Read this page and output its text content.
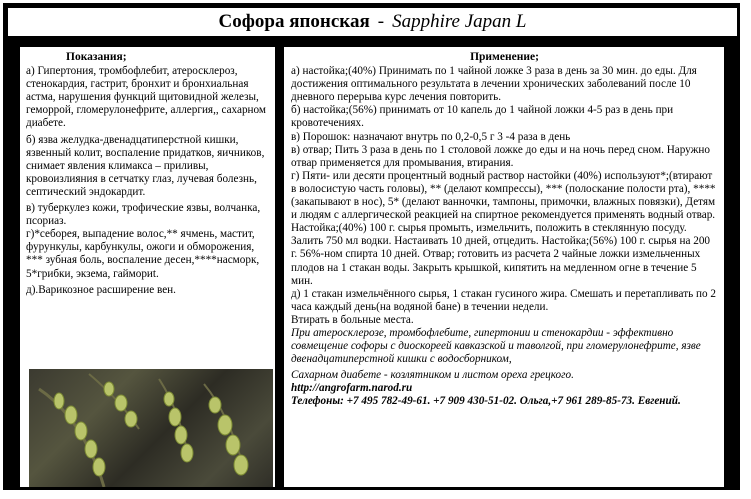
Софора японская - Sapphire Japan L
Показания;

а) Гипертония, тромбофлебит, атеросклероз, стенокардия, гастрит, бронхит и бронхиальная астма, нарушения функций щитовидной железы, геморрой, гломерулонефрите, аллергия,, сахарном диабете.

б) язва желудка-двенадцатиперстной кишки, язвенный колит, воспаление придатков, яичников, снимает явления климакса – приливы, кровоизлияния в сетчатку глаз, лучевая болезнь, септический эндокардит.

в) туберкулез кожи, трофические язвы, волчанка, псориаз.

г)*себорея, выпадение волос,** ячмень, мастит, фурункулы, карбункулы, ожоги и обморожения, *** зубная боль, воспаление десен,****насморк, 5*грибки, экзема, гаймориt.

д).Варикозное расширение вен.

Применение;

а) настойка;(40%) Принимать по 1 чайной ложке 3 раза в день за 30 мин. до еды. Для достижения оптимального результата в лечении хронических заболеваний после 10 дневного перерыва курс лечения повторить.

б) настойка;(56%) принимать от 10 капель до 1 чайной ложки 4-5 раз в день при кровотечениях.

в) Порошок: назначают внутрь по 0,2-0,5 г 3 -4 раза в день

в) отвар; Пить 3 раза в день по 1 столовой ложке до еды и на ночь перед сном. Наружно отвар применяется для промывания, втирания.

г) Пяти- или десяти процентный водный раствор настойки (40%) используют*;(втирают в волосистую часть головы), ** (делают компрессы), *** (полоскание полости рта), ****(закапывают в нос), 5* (делают ванночки, тампоны, примочки, влажных повязки), Детям и людям с аллергической реакцией на спиртное рекомендуется применять водный отвар.

Настойка;(40%) 100 г. сырья промыть, измельчить, положить в стеклянную посуду. Залить 750 мл водки. Настаивать 10 дней, отцедить. Настойка;(56%) 100 г. сырья на 200 г. 56%-ном спирта 10 дней. Отвар; готовить из расчета 2 чайные ложки измельченных плодов на 1 стакан воды. Закрыть крышкой, кипятить на медленном огне в течение 5 мин.

д) 1 стакан измельчённого сырья, 1 стакан гусиного жира. Смешать и перетапливать по 2 часа каждый день(на водяной бане) в течении недели.

Втирать в больные места.

При атеросклерозе, тромбофлебите, гипертонии и стенокардии - эффективно совмещение софоры с диоскореей кавказской и таволгой, при гломерулонефрите, язве двенадцатиперстной кишки с водосборником,

Сахарном диабете - козлятником и листом ореха грецкого.

http://angrofarm.narod.ru

Телефоны: +7 495 782-49-61. +7 909 430-51-02. Ольга,+7 961 289-85-73. Евгений.
